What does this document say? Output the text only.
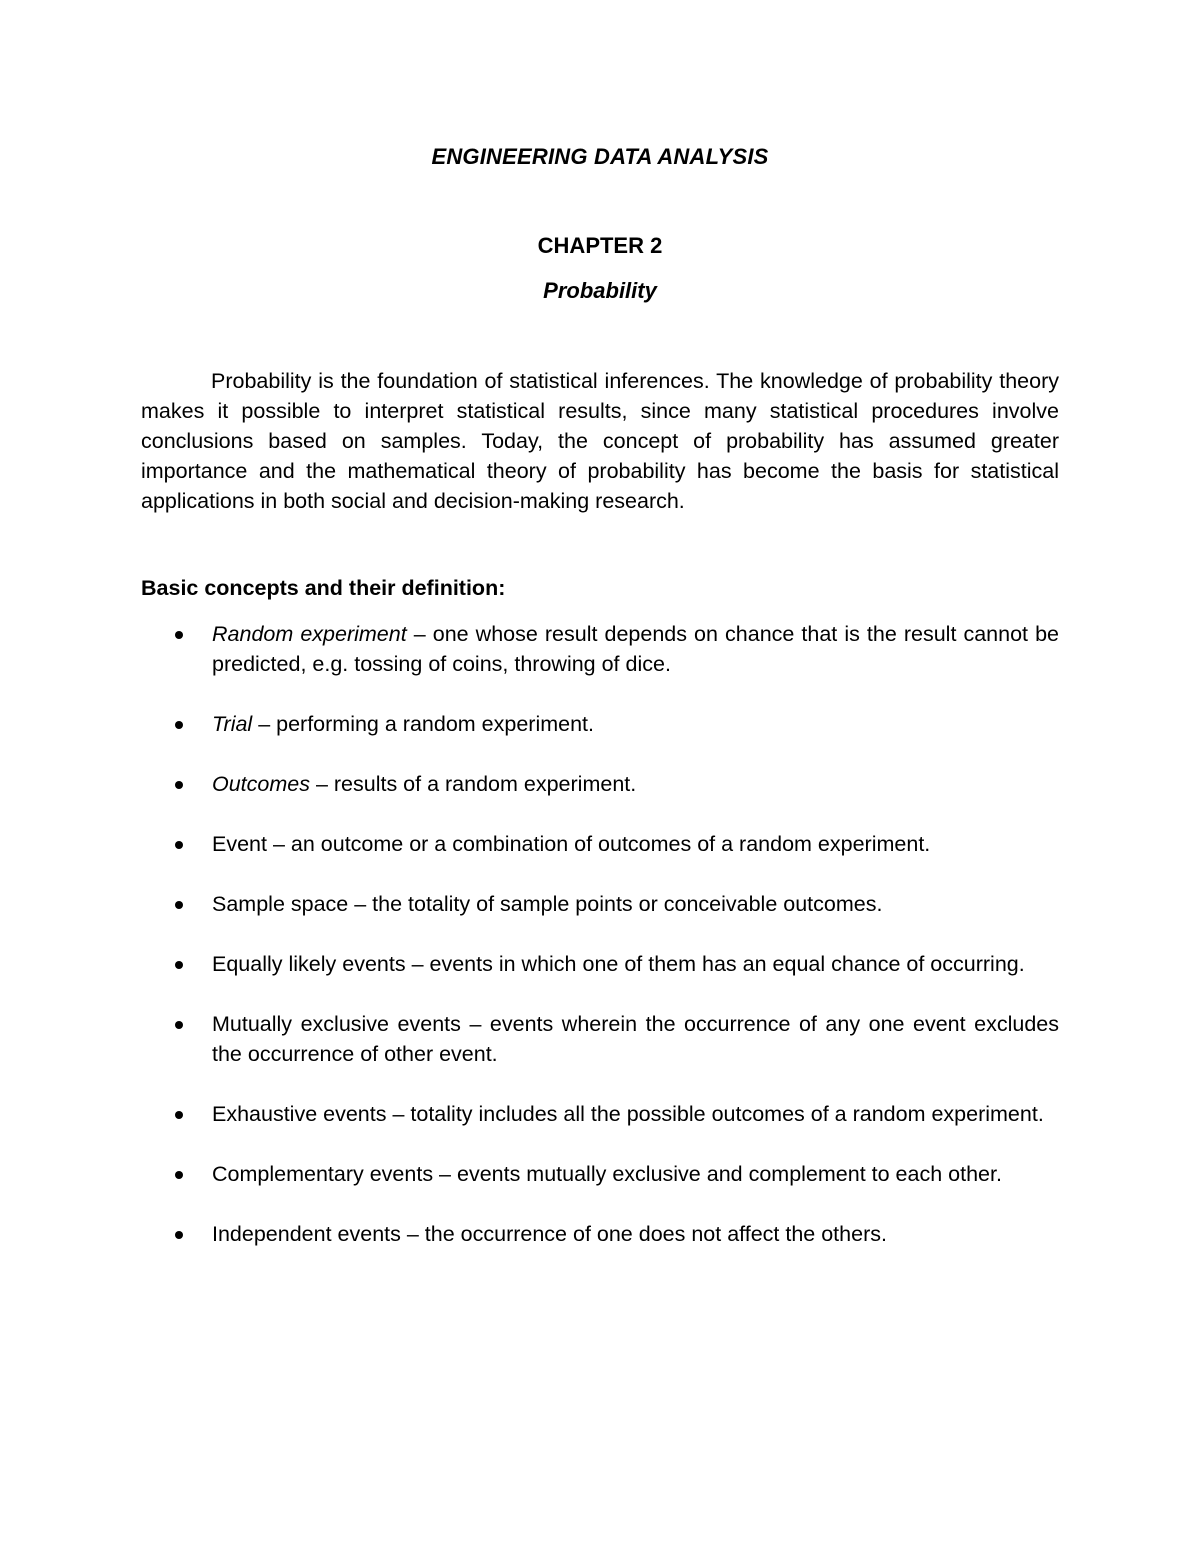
ENGINEERING DATA ANALYSIS
CHAPTER 2
Probability

Probability is the foundation of statistical inferences. The knowledge of probability theory makes it possible to interpret statistical results, since many statistical procedures involve conclusions based on samples. Today, the concept of probability has assumed greater importance and the mathematical theory of probability has become the basis for statistical applications in both social and decision-making research.

Basic concepts and their definition:
Random experiment – one whose result depends on chance that is the result cannot be predicted, e.g. tossing of coins, throwing of dice.
Trial – performing a random experiment.
Outcomes – results of a random experiment.
Event – an outcome or a combination of outcomes of a random experiment.
Sample space – the totality of sample points or conceivable outcomes.
Equally likely events – events in which one of them has an equal chance of occurring.
Mutually exclusive events – events wherein the occurrence of any one event excludes the occurrence of other event.
Exhaustive events – totality includes all the possible outcomes of a random experiment.
Complementary events – events mutually exclusive and complement to each other.
Independent events – the occurrence of one does not affect the others.
